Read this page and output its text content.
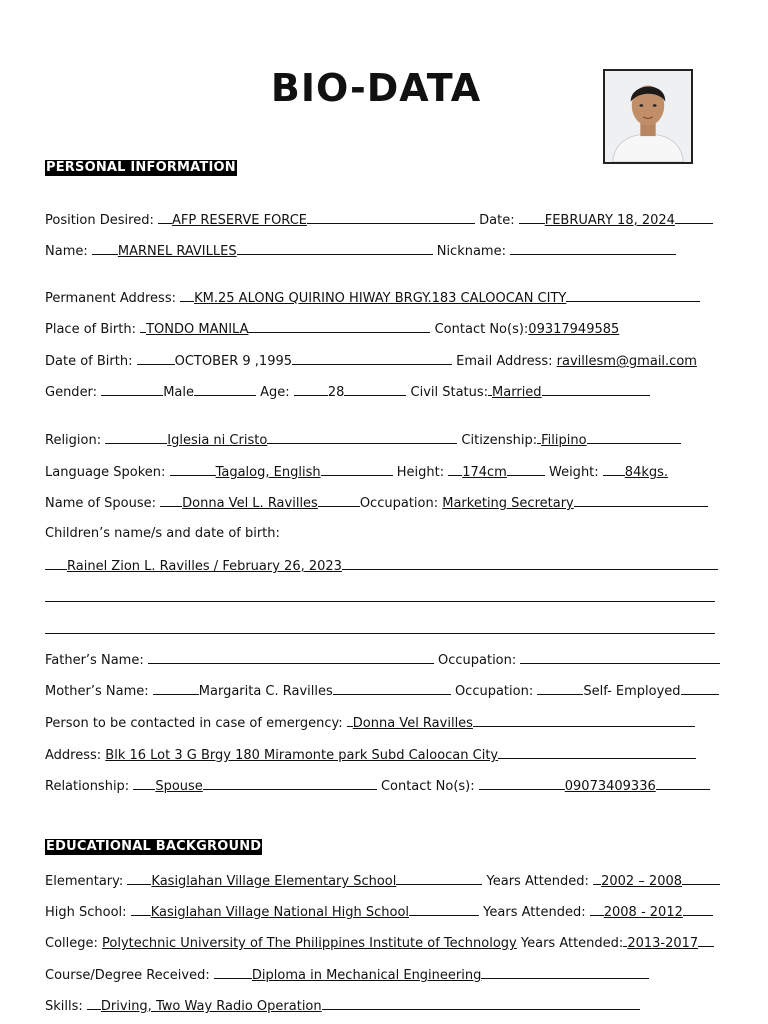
BIO-DATA
PERSONAL INFORMATION
Position Desired: AFP RESERVE FORCE	Date: FEBRUARY 18, 2024
Name: MARNEL RAVILLES	Nickname:
Permanent Address: KM.25 ALONG QUIRINO HIWAY BRGY.183 CALOOCAN CITY
Place of Birth: TONDO MANILA	Contact No(s):09317949585
Date of Birth:	OCTOBER 9 ,1995	Email Address: ravillesm@gmail.com
Gender:	Male	Age:	28	Civil Status: Married
Religion:	Iglesia ni Cristo	Citizenship: Filipino
Language Spoken:	Tagalog, English	Height: 174cm	Weight: 84kgs.
Name of Spouse: Donna Vel L. Ravilles	Occupation: Marketing Secretary
Children’s name/s and date of birth:
Rainel Zion L. Ravilles / February 26, 2023
Father’s Name:	Occupation:
Mother’s Name:	Margarita C. Ravilles	Occupation:	Self- Employed
Person to be contacted in case of emergency: Donna Vel Ravilles
Address: Blk 16 Lot 3 G Brgy 180 Miramonte park Subd Caloocan City
Relationship: Spouse	Contact No(s):	09073409336
EDUCATIONAL BACKGROUND
Elementary: Kasiglahan Village Elementary School	Years Attended: 2002 – 2008
High School: Kasiglahan Village National High School	Years Attended: 2008 - 2012
College: Polytechnic University of The Philippines Institute of Technology Years Attended: 2013-2017
Course/Degree Received:	Diploma in Mechanical Engineering
Skills: Driving, Two Way Radio Operation
